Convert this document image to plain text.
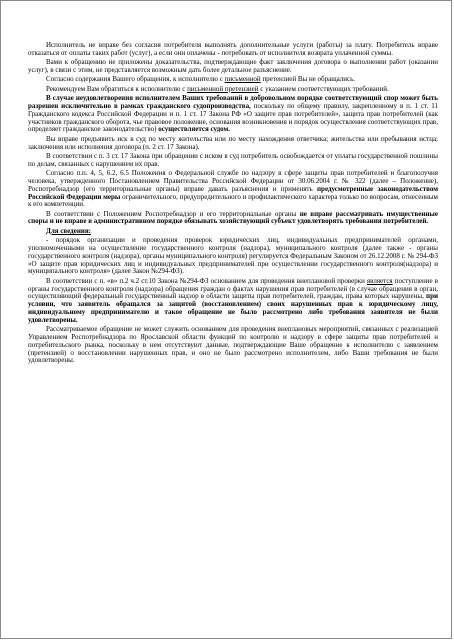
Исполнитель не вправе без согласия потребителя выполнять дополнительные услуги (работы) за плату. Потребитель вправе отказаться от оплаты таких работ (услуг), а если они оплачены - потребовать от исполнителя возврата уплаченной суммы.

Вами к обращению не приложены доказательства, подтверждающие факт заключения договора о выполнении работ (оказании услуг), в связи с этим, не представляется возможным дать более детальное разъяснение.

Согласно содержания Вашего обращения, к исполнителю с письменной претензией Вы не обращались.

Рекомендуем Вам обратиться к исполнителю с письменной претензией с указанием соответствующих требований.

В случае неудовлетворения исполнителем Ваших требований в добровольном порядке соответствующий спор может быть разрешен исключительно в рамках гражданского судопроизводства, поскольку по общему правилу, закрепленному в п. 1 ст. 11 Гражданского кодекса Российской Федерации и п. 1 ст. 17 Закона РФ «О защите прав потребителей», защита прав потребителей (как участников гражданского оборота, чье правовое положение, основания возникновения и порядок осуществления соответствующих прав, определяет гражданское законодательство) осуществляется судом.

Вы вправе предъявить иск в суд по месту жительства или по месту нахождения ответчика; жительства или пребывания истца; заключения или исполнения договора (п. 2 ст. 17 Закона).

В соответствии с п. 3 ст. 17 Закона при обращении с иском в суд потребитель освобождается от уплаты государственной пошлины по делам, связанных с нарушением их прав.

Согласно п.п. 4, 5, 6.2, 6.5 Положения о Федеральной службе по надзору в сфере защиты прав потребителей и благополучия человека, утвержденного Постановлением Правительства Российской Федерации от 30.06.2004 г. № 322 (далее – Положение), Роспотребнадзор (его территориальные органы) вправе давать разъяснения и применять предусмотренные законодательством Российской Федерации меры ограничительного, предупредительного и профилактического характера только по вопросам, отнесенным к его компетенции.

В соответствии с Положением Роспотребнадзор и его территориальные органы не вправе рассматривать имущественные споры и не вправе в административном порядке обязывать хозяйствующий субъект удовлетворять требования потребителей.

Для сведения:

- порядок организации и проведения проверок юридических лиц, индивидуальных предпринимателей органами, уполномоченными на осуществление государственного контроля (надзора), муниципального контроля (далее также - органы государственного контроля (надзора), органы муниципального контроля) регулируется Федеральным Законом от 26.12.2008 г. № 294-ФЗ «О защите прав юридических лиц и индивидуальных предпринимателей при осуществлении государственного контроля(надзора) и муниципального контроля» (далее Закон №294-ФЗ).

В соответствии с п. «в» п.2 ч.2 ст.10 Закона №294-ФЗ основанием для проведения внеплановой проверки является поступление в органы государственного контроля (надзора) обращения граждан о фактах нарушения прав потребителей (в случае обращения в орган, осуществляющий федеральный государственный надзор в области защиты прав потребителей, граждан, права которых нарушены, при условии, что заявитель обращался за защитой (восстановлением) своих нарушенных прав к юридическому лицу, индивидуальному предпринимателю и такое обращение не было рассмотрено либо требования заявителя не были удовлетворены.

Рассматриваемое обращение не может служить основанием для проведения внеплановых мероприятий, связанных с реализацией Управлением Роспотребнадзора по Ярославской области функций по контролю и надзору в сфере защиты прав потребителей и потребительского рынка, поскольку в нем отсутствуют данные, подтверждающие Ваше обращение к исполнителю с заявлением (претензией) о восстановлении нарушенных прав, и оно не было рассмотрено исполнителем, либо Ваши требования не были удовлетворены.
